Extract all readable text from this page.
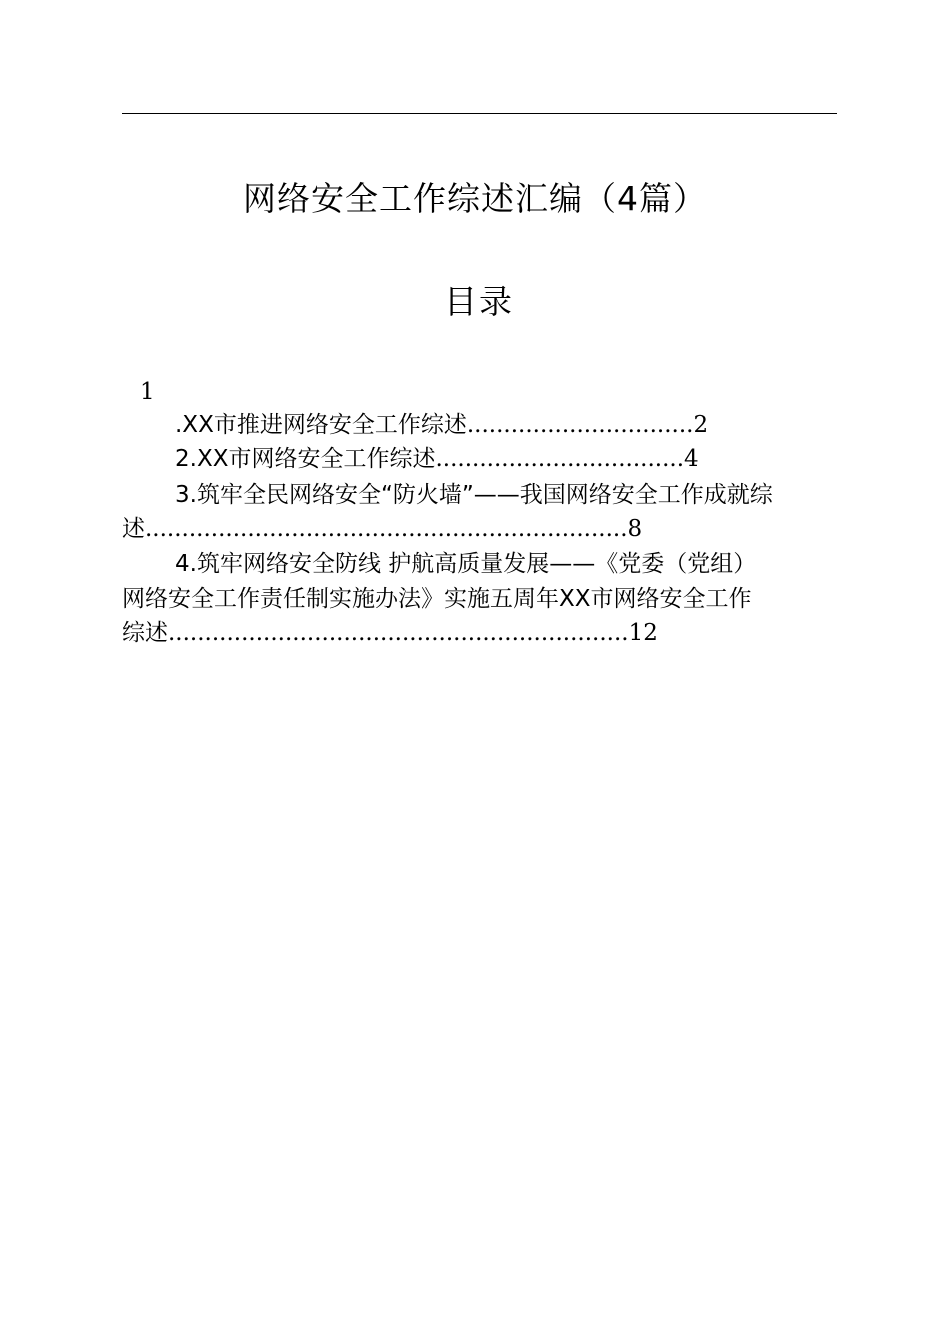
网络安全工作综述汇编（4篇）
目录
1
.XX市推进网络安全工作综述...............................2
2.XX市网络安全工作综述..................................4
3.筑牢全民网络安全“防火墙”——我国网络安全工作成就综
述..................................................................8
4.筑牢网络安全防线 护航高质量发展——《党委（党组）
网络安全工作责任制实施办法》实施五周年XX市网络安全工作
综述...............................................................12
